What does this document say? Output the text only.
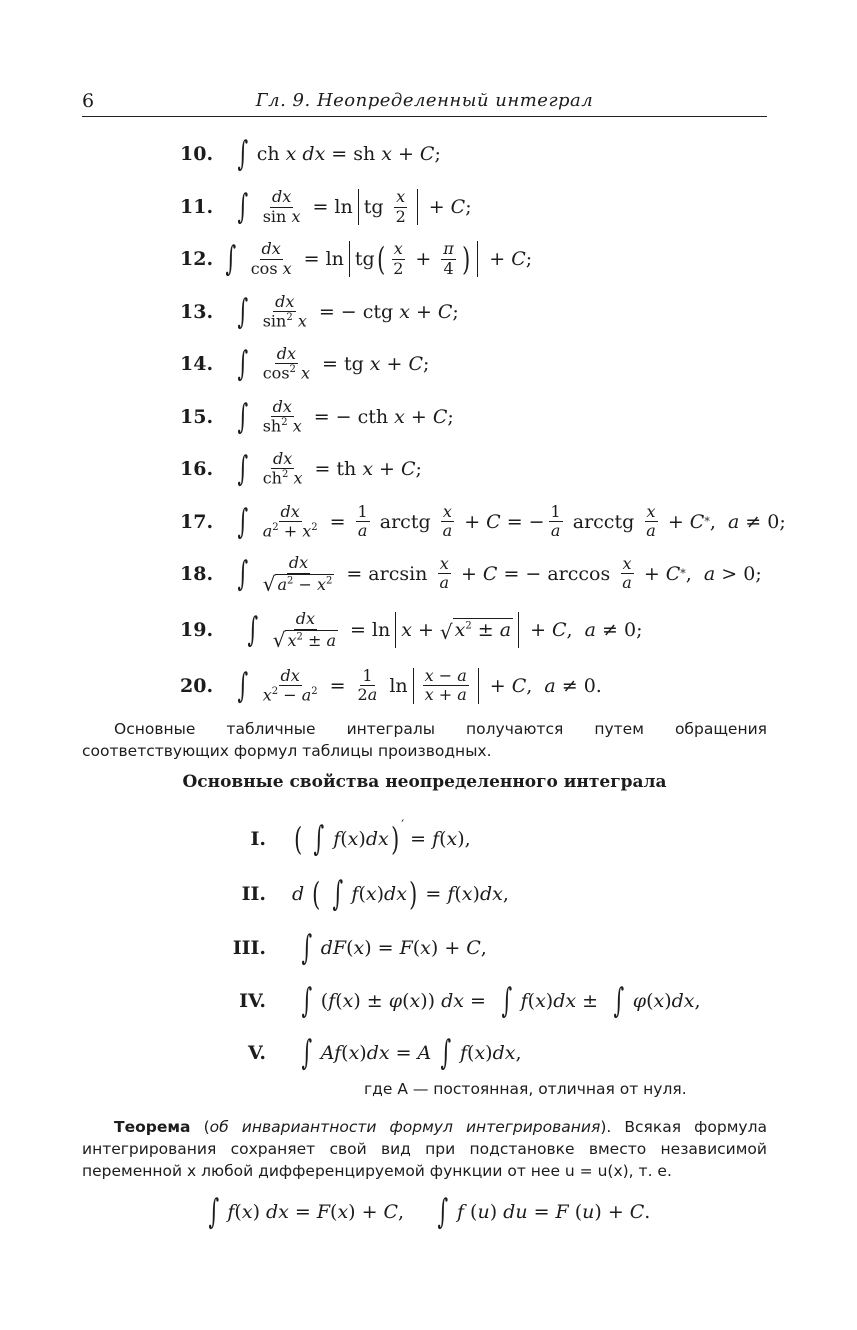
6	Гл. 9. Неопределенный интеграл
10. ∫ ch x
dx = sh x + C ;
11. ∫ $\frac{dx}{\text{sin x}} = \ln$ tg $\frac{x}{2} + C$ ;
12. ∫ $\frac{dx}{\text{cos x}} = \ln$ tg ( $\frac{x}{2} + \frac{\pi}{4}$ ) + C ;
13. ∫ $\frac{dx}{\sin^2 x}$ = − ctg x + C ;
14. ∫ $\frac{dx}{\cos^2 x}$ = tg x + C ;
15. ∫ $\frac{dx}{sh^2 x}$ = − cth x + C ;
16. ∫ $\frac{dx}{ch^2 x}$ = th x + C ;
17. ∫ $\frac{dx}{a^2 + x^2} = \frac{1}{a}$ arctg $\frac{x}{a} + C$ = − $\frac{1}{a}$ arcctg $\frac{x}{a} + C$ * , a ≠ 0;
18. ∫ $\frac{dx}{√ a^2 - x^2} = \arcsin \frac{x}{a} + C$ = − $\arccos \frac{x}{a} + C$ * , a > 0;
19.	∫ $\frac{dx}{√ x^2 \pm a} = \ln x$ + √ $x^2 \pm a + C$ , a ≠ 0;
20. ∫ $\frac{dx}{x^2 - a^2} = \frac{1}{2a}$ $\ln \frac{x - a}{x + a} + C$ , a ≠ 0.
Основные табличные интегралы получаются путем обращения соответствующих формул таблицы производных.
Основные свойства неопределенного интеграла
I. ( ∫ f ( x ) dx )′
= f ( x ),
II. d
( ∫ f ( x ) dx ) = f ( x ) dx ,
III. ∫ dF ( x ) = F ( x ) + C ,
IV. ∫ ( f ( x ) ± φ ( x )) dx = ∫ f ( x ) dx ± ∫ φ ( x ) dx ,
V. ∫ Af ( x ) dx = A ∫ f ( x ) dx ,
где A — постоянная, отличная от нуля.
Теорема (об инвариантности формул интегрирования). Всякая формула интегрирования сохраняет свой вид при подстановке вместо независимой переменной x любой дифференцируемой функции от нее u = u(x), т. е.
∫ f ( x ) dx = F ( x ) + C , ∫ f ( u ) du = F ( u ) + C .
